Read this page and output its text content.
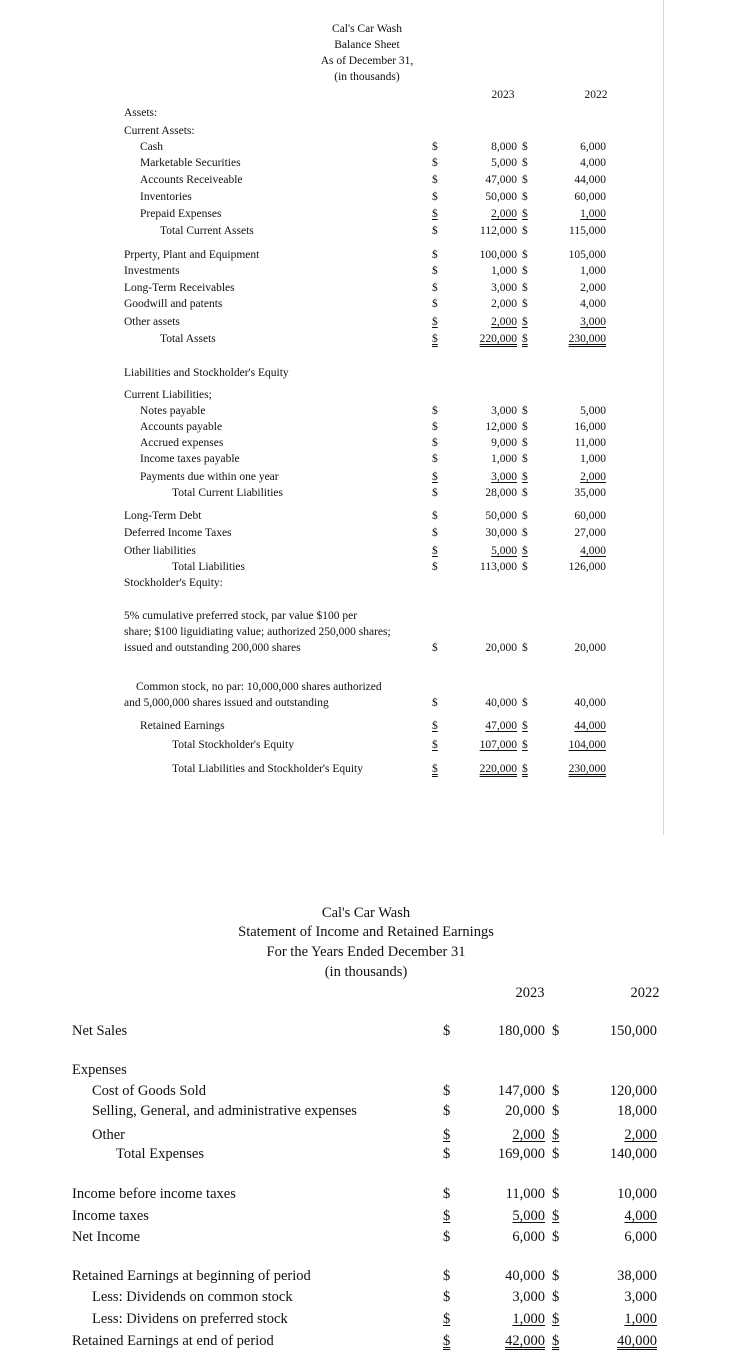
Cal's Car Wash
Balance Sheet
As of December 31,
(in thousands)
2023	2022
Assets:
Current Assets:
Cash	$	8,000 $	6,000
Marketable Securities	$	5,000 $	4,000
Accounts Receiveable	$	47,000 $	44,000
Inventories	$	50,000 $	60,000
Prepaid Expenses	$	2,000 $	1,000
Total Current Assets	$	112,000 $	115,000
Prperty, Plant and Equipment	$	100,000 $	105,000
Investments	$	1,000 $	1,000
Long-Term Receivables	$	3,000 $	2,000
Goodwill and patents	$	2,000 $	4,000
Other assets	$	2,000 $	3,000
Total Assets	$	220,000 $	230,000
Liabilities and Stockholder's Equity
Current Liabilities;
Notes payable	$	3,000 $	5,000
Accounts payable	$	12,000 $	16,000
Accrued expenses	$	9,000 $	11,000
Income taxes payable	$	1,000 $	1,000
Payments due within one year	$	3,000 $	2,000
Total Current Liabilities	$	28,000 $	35,000
Long-Term Debt	$	50,000 $	60,000
Deferred Income Taxes	$	30,000 $	27,000
Other liabilities	$	5,000 $	4,000
Total Liabilities	$	113,000 $	126,000
Stockholder's Equity:
5% cumulative preferred stock, par value $100 per
share; $100 liguidiating value; authorized 250,000 shares;
issued and outstanding 200,000 shares	$	20,000 $	20,000
Common stock, no par: 10,000,000 shares authorized
and 5,000,000 shares issued and outstanding	$	40,000 $	40,000
Retained Earnings	$	47,000 $	44,000
Total Stockholder's Equity	$	107,000 $	104,000
Total Liabilities and Stockholder's Equity	$	220,000 $	230,000
Cal's Car Wash
Statement of Income and Retained Earnings
For the Years Ended December 31
(in thousands)
2023	2022
Net Sales	$	180,000 $	150,000
Expenses
Cost of Goods Sold	$	147,000 $	120,000
Selling, General, and administrative expenses	$	20,000 $	18,000
Other	$	2,000 $	2,000
Total Expenses	$	169,000 $	140,000
Income before income taxes	$	11,000 $	10,000
Income taxes	$	5,000 $	4,000
Net Income	$	6,000 $	6,000
Retained Earnings at beginning of period	$	40,000 $	38,000
Less: Dividends on common stock	$	3,000 $	3,000
Less: Dividens on preferred stock	$	1,000 $	1,000
Retained Earnings at end of period	$	42,000 $	40,000
